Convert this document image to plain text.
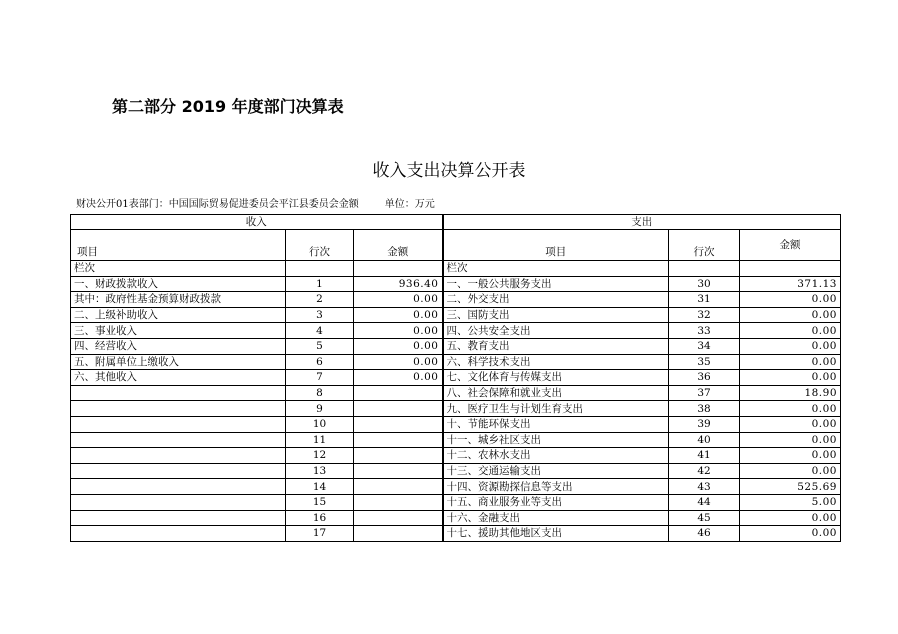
第二部分 2019 年度部门决算表
收入支出决算公开表
财决公开01表部门：中国国际贸易促进委员会平江县委员会金额	单位：万元
收入			支出		
项目	行次	金额	项目	行次	金额
栏次			栏次		
一、财政拨款收入	1	936.40	一、一般公共服务支出	30	371.13
其中：政府性基金预算财政拨款	2	0.00	二、外交支出	31	0.00
二、上级补助收入	3	0.00	三、国防支出	32	0.00
三、事业收入	4	0.00	四、公共安全支出	33	0.00
四、经营收入	5	0.00	五、教育支出	34	0.00
五、附属单位上缴收入	6	0.00	六、科学技术支出	35	0.00
六、其他收入	7	0.00	七、文化体育与传媒支出	36	0.00
	8		八、社会保障和就业支出	37	18.90
	9		九、医疗卫生与计划生育支出	38	0.00
	10		十、节能环保支出	39	0.00
	11		十一、城乡社区支出	40	0.00
	12		十二、农林水支出	41	0.00
	13		十三、交通运输支出	42	0.00
	14		十四、资源勘探信息等支出	43	525.69
	15		十五、商业服务业等支出	44	5.00
	16		十六、金融支出	45	0.00
	17		十七、援助其他地区支出	46	0.00
